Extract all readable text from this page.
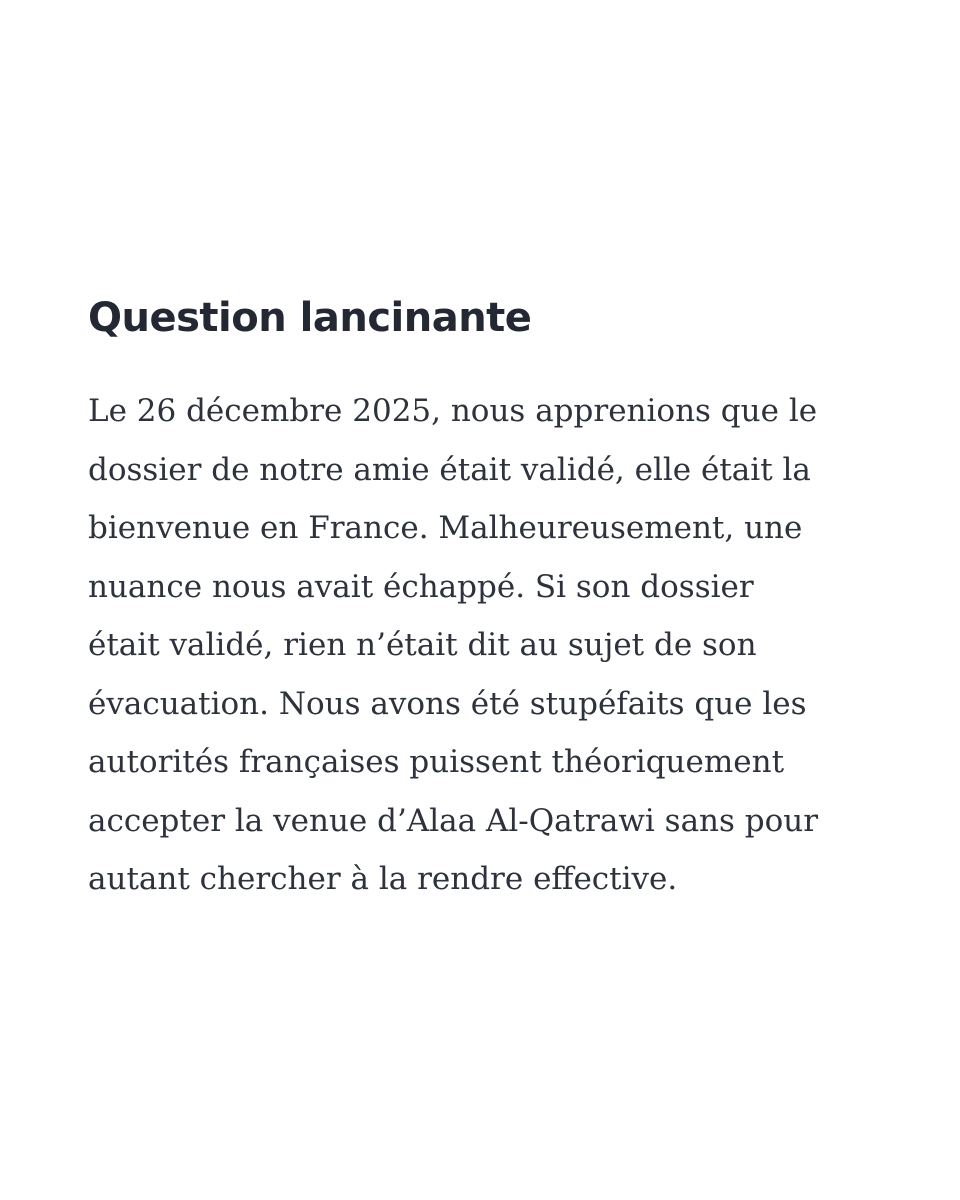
Question lancinante

Le 26 décembre 2025, nous apprenions que le
dossier de notre amie était validé, elle était la
bienvenue en France. Malheureusement, une
nuance nous avait échappé. Si son dossier
était validé, rien n’était dit au sujet de son
évacuation. Nous avons été stupéfaits que les
autorités françaises puissent théoriquement
accepter la venue d’Alaa Al-Qatrawi sans pour
autant chercher à la rendre effective.
